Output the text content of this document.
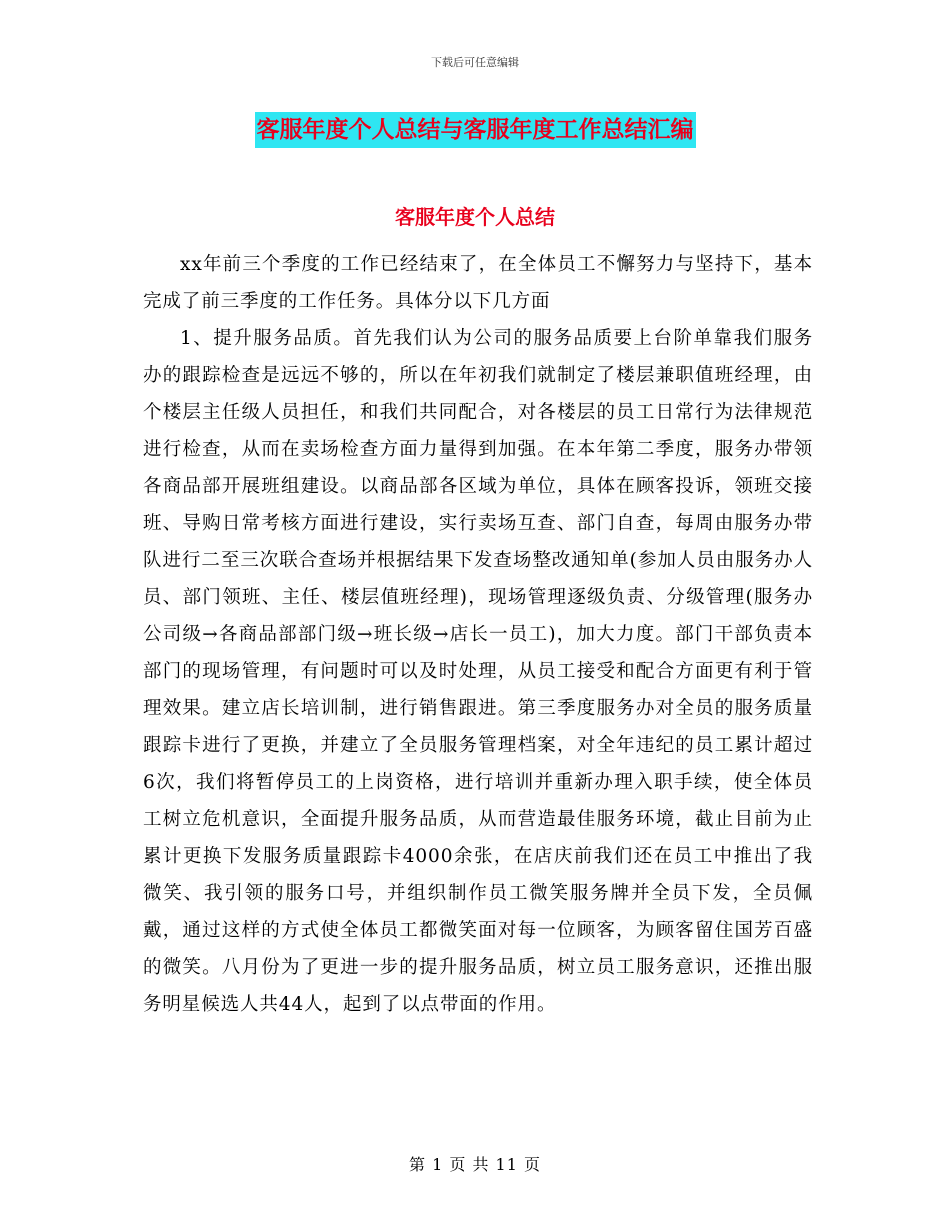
下载后可任意编辑
客服年度个人总结与客服年度工作总结汇编
客服年度个人总结

xx年前三个季度的工作已经结束了，在全体员工不懈努力与坚持下，基本完成了前三季度的工作任务。具体分以下几方面

1、提升服务品质。首先我们认为公司的服务品质要上台阶单靠我们服务办的跟踪检查是远远不够的，所以在年初我们就制定了楼层兼职值班经理，由个楼层主任级人员担任，和我们共同配合，对各楼层的员工日常行为法律规范进行检查，从而在卖场检查方面力量得到加强。在本年第二季度，服务办带领各商品部开展班组建设。以商品部各区域为单位，具体在顾客投诉，领班交接班、导购日常考核方面进行建设，实行卖场互查、部门自查，每周由服务办带队进行二至三次联合查场并根据结果下发查场整改通知单(参加人员由服务办人员、部门领班、主任、楼层值班经理)，现场管理逐级负责、分级管理(服务办公司级→各商品部部门级→班长级→店长一员工)，加大力度。部门干部负责本部门的现场管理，有问题时可以及时处理，从员工接受和配合方面更有利于管理效果。建立店长培训制，进行销售跟进。第三季度服务办对全员的服务质量跟踪卡进行了更换，并建立了全员服务管理档案，对全年违纪的员工累计超过6次，我们将暂停员工的上岗资格，进行培训并重新办理入职手续，使全体员工树立危机意识，全面提升服务品质，从而营造最佳服务环境，截止目前为止累计更换下发服务质量跟踪卡4000余张，在店庆前我们还在员工中推出了我微笑、我引领的服务口号，并组织制作员工微笑服务牌并全员下发，全员佩戴，通过这样的方式使全体员工都微笑面对每一位顾客，为顾客留住国芳百盛的微笑。八月份为了更进一步的提升服务品质，树立员工服务意识，还推出服务明星候选人共44人，起到了以点带面的作用。

第 1 页 共 11 页
